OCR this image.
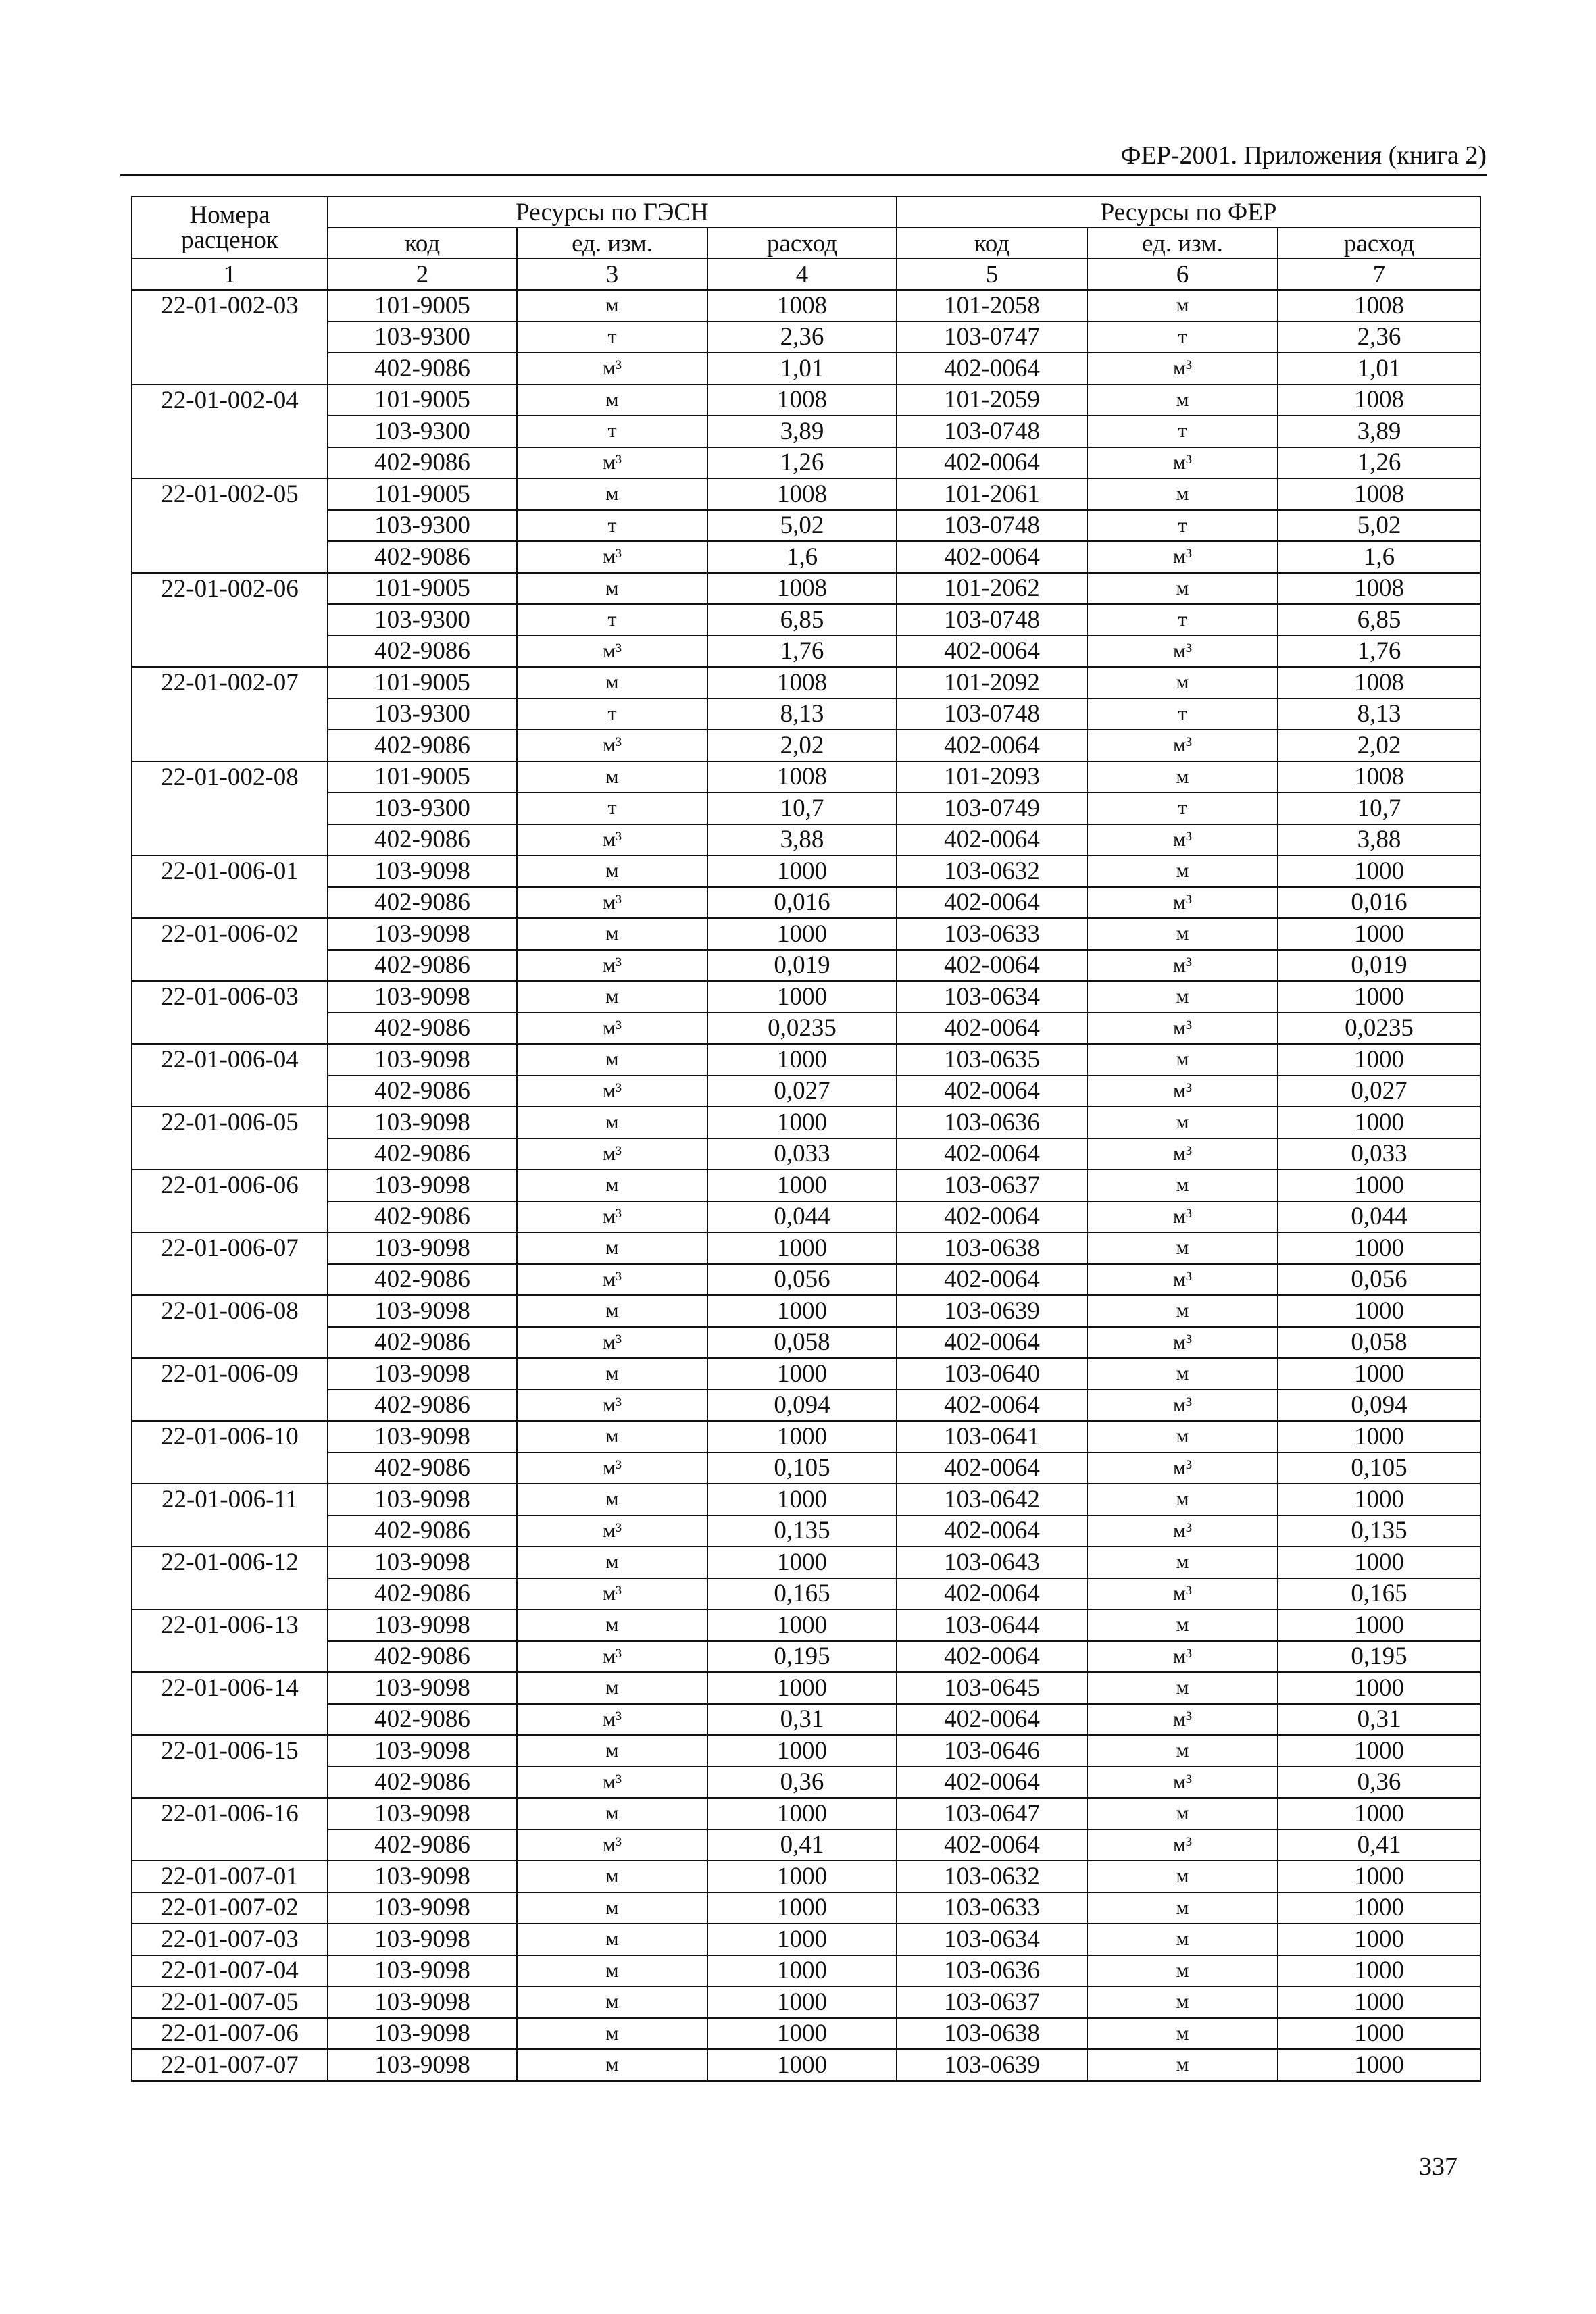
ФЕР-2001. Приложения (книга 2)
Номера
расценок	Ресурсы по ГЭСН			Ресурсы по ФЕР		
	код	ед. изм.	расход	код	ед. изм.	расход
1	2	3	4	5	6	7
22-01-002-03	101-9005	м	1008	101-2058	м	1008
	103-9300	т	2,36	103-0747	т	2,36
	402-9086	м³	1,01	402-0064	м³	1,01
22-01-002-04	101-9005	м	1008	101-2059	м	1008
	103-9300	т	3,89	103-0748	т	3,89
	402-9086	м³	1,26	402-0064	м³	1,26
22-01-002-05	101-9005	м	1008	101-2061	м	1008
	103-9300	т	5,02	103-0748	т	5,02
	402-9086	м³	1,6	402-0064	м³	1,6
22-01-002-06	101-9005	м	1008	101-2062	м	1008
	103-9300	т	6,85	103-0748	т	6,85
	402-9086	м³	1,76	402-0064	м³	1,76
22-01-002-07	101-9005	м	1008	101-2092	м	1008
	103-9300	т	8,13	103-0748	т	8,13
	402-9086	м³	2,02	402-0064	м³	2,02
22-01-002-08	101-9005	м	1008	101-2093	м	1008
	103-9300	т	10,7	103-0749	т	10,7
	402-9086	м³	3,88	402-0064	м³	3,88
22-01-006-01	103-9098	м	1000	103-0632	м	1000
	402-9086	м³	0,016	402-0064	м³	0,016
22-01-006-02	103-9098	м	1000	103-0633	м	1000
	402-9086	м³	0,019	402-0064	м³	0,019
22-01-006-03	103-9098	м	1000	103-0634	м	1000
	402-9086	м³	0,0235	402-0064	м³	0,0235
22-01-006-04	103-9098	м	1000	103-0635	м	1000
	402-9086	м³	0,027	402-0064	м³	0,027
22-01-006-05	103-9098	м	1000	103-0636	м	1000
	402-9086	м³	0,033	402-0064	м³	0,033
22-01-006-06	103-9098	м	1000	103-0637	м	1000
	402-9086	м³	0,044	402-0064	м³	0,044
22-01-006-07	103-9098	м	1000	103-0638	м	1000
	402-9086	м³	0,056	402-0064	м³	0,056
22-01-006-08	103-9098	м	1000	103-0639	м	1000
	402-9086	м³	0,058	402-0064	м³	0,058
22-01-006-09	103-9098	м	1000	103-0640	м	1000
	402-9086	м³	0,094	402-0064	м³	0,094
22-01-006-10	103-9098	м	1000	103-0641	м	1000
	402-9086	м³	0,105	402-0064	м³	0,105
22-01-006-11	103-9098	м	1000	103-0642	м	1000
	402-9086	м³	0,135	402-0064	м³	0,135
22-01-006-12	103-9098	м	1000	103-0643	м	1000
	402-9086	м³	0,165	402-0064	м³	0,165
22-01-006-13	103-9098	м	1000	103-0644	м	1000
	402-9086	м³	0,195	402-0064	м³	0,195
22-01-006-14	103-9098	м	1000	103-0645	м	1000
	402-9086	м³	0,31	402-0064	м³	0,31
22-01-006-15	103-9098	м	1000	103-0646	м	1000
	402-9086	м³	0,36	402-0064	м³	0,36
22-01-006-16	103-9098	м	1000	103-0647	м	1000
	402-9086	м³	0,41	402-0064	м³	0,41
22-01-007-01	103-9098	м	1000	103-0632	м	1000
22-01-007-02	103-9098	м	1000	103-0633	м	1000
22-01-007-03	103-9098	м	1000	103-0634	м	1000
22-01-007-04	103-9098	м	1000	103-0636	м	1000
22-01-007-05	103-9098	м	1000	103-0637	м	1000
22-01-007-06	103-9098	м	1000	103-0638	м	1000
22-01-007-07	103-9098	м	1000	103-0639	м	1000
337
